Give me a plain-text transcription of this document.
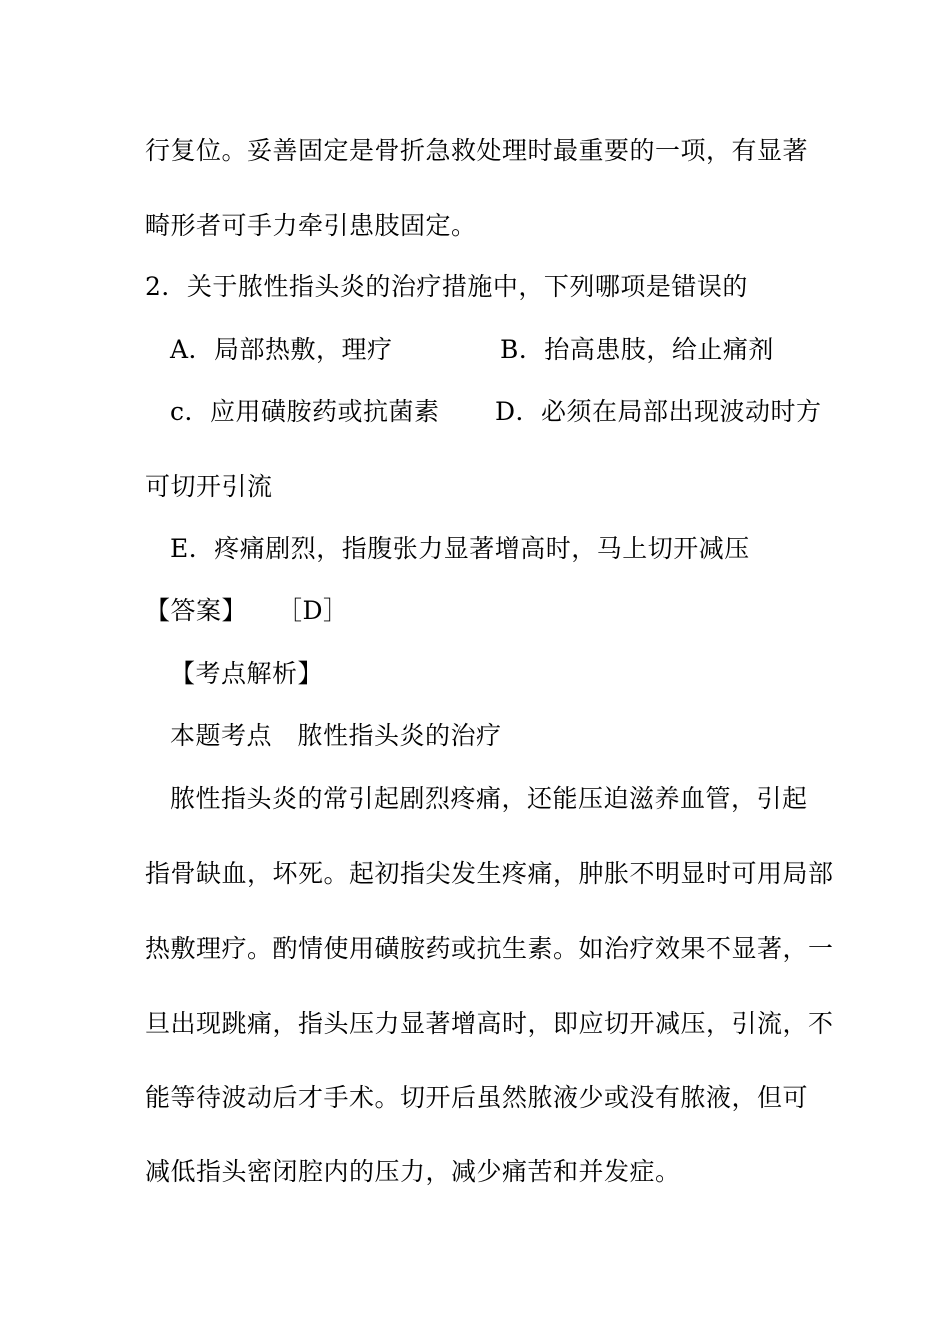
行复位。妥善固定是骨折急救处理时最重要的一项，有显著
畸形者可手力牵引患肢固定。
2．关于脓性指头炎的治疗措施中，下列哪项是错误的
A．局部热敷，理疗	B．抬高患肢，给止痛剂
c．应用磺胺药或抗菌素 D．必须在局部出现波动时方
可切开引流
E．疼痛剧烈，指腹张力显著增高时，马上切开减压
【答案】 ［D］
【考点解析】
本题考点　脓性指头炎的治疗
脓性指头炎的常引起剧烈疼痛，还能压迫滋养血管，引起
指骨缺血，坏死。起初指尖发生疼痛，肿胀不明显时可用局部
热敷理疗。酌情使用磺胺药或抗生素。如治疗效果不显著，一
旦出现跳痛，指头压力显著增高时，即应切开减压，引流，不
能等待波动后才手术。切开后虽然脓液少或没有脓液，但可
减低指头密闭腔内的压力，减少痛苦和并发症。
